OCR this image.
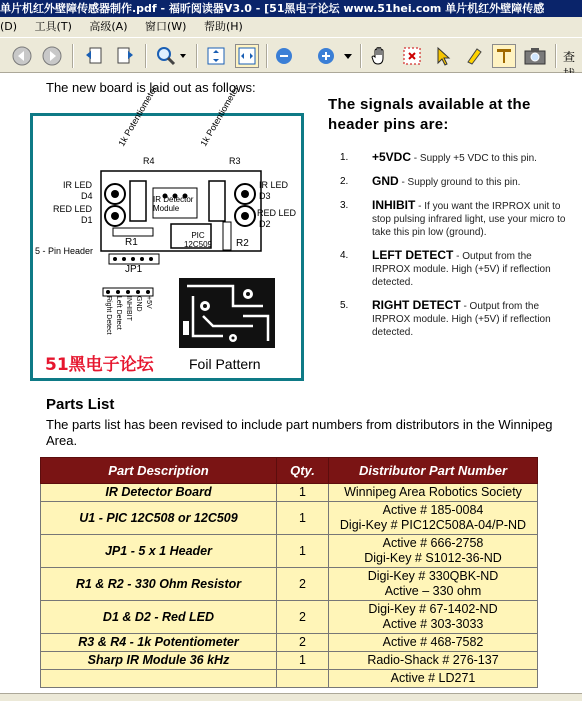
单片机红外壁障传感器制作.pdf - 福昕阅读器V3.0 - [51黑电子论坛 www.51hei.com 单片机红外壁障传感
(D) 工具(T) 高级(A) 窗口(W) 帮助(H)
查
The new board is laid out as follows:
1k Potentiometer
R4
1k Potentiometer
R3
IR LED
D4
RED LED
D1
IR LED
D3
RED LED
D2
IR Detector Module
R1
PIC 12C509 R2
5 - Pin Header
JP1
+5V
GND
INHIBIT
Left Detect
Right Detect
51黑电子论坛	Foil Pattern
The signals available at the header pins are:
1.	+5VDC - Supply +5 VDC to this pin.
2.	GND - Supply ground to this pin.
3.	INHIBIT - If you want the IRPROX unit to stop pulsing infrared light, use your micro to take this pin low (ground).
4.	LEFT DETECT - Output from the IRPROX module. High (+5V) if reflection detected.
5.	RIGHT DETECT - Output from the IRPROX module. High (+5V) if reflection detected.
Parts List
The parts list has been revised to include part numbers from distributors in the Winnipeg Area.
Part Description	Qty.	Distributor Part Number
IR Detector Board	1	Winnipeg Area Robotics Society
U1 - PIC 12C508 or 12C509	1	Active # 185-0084
Digi-Key # PIC12C508A-04/P-ND
JP1 - 5 x 1 Header	1	Active # 666-2758
Digi-Key # S1012-36-ND
R1 & R2 - 330 Ohm Resistor	2	Digi-Key # 330QBK-ND
Active – 330 ohm
D1 & D2 - Red LED	2	Digi-Key # 67-1402-ND
Active # 303-3033
R3 & R4 - 1k Potentiometer	2	Active # 468-7582
Sharp IR Module 36 kHz	1	Radio-Shack # 276-137
		Active # LD271
